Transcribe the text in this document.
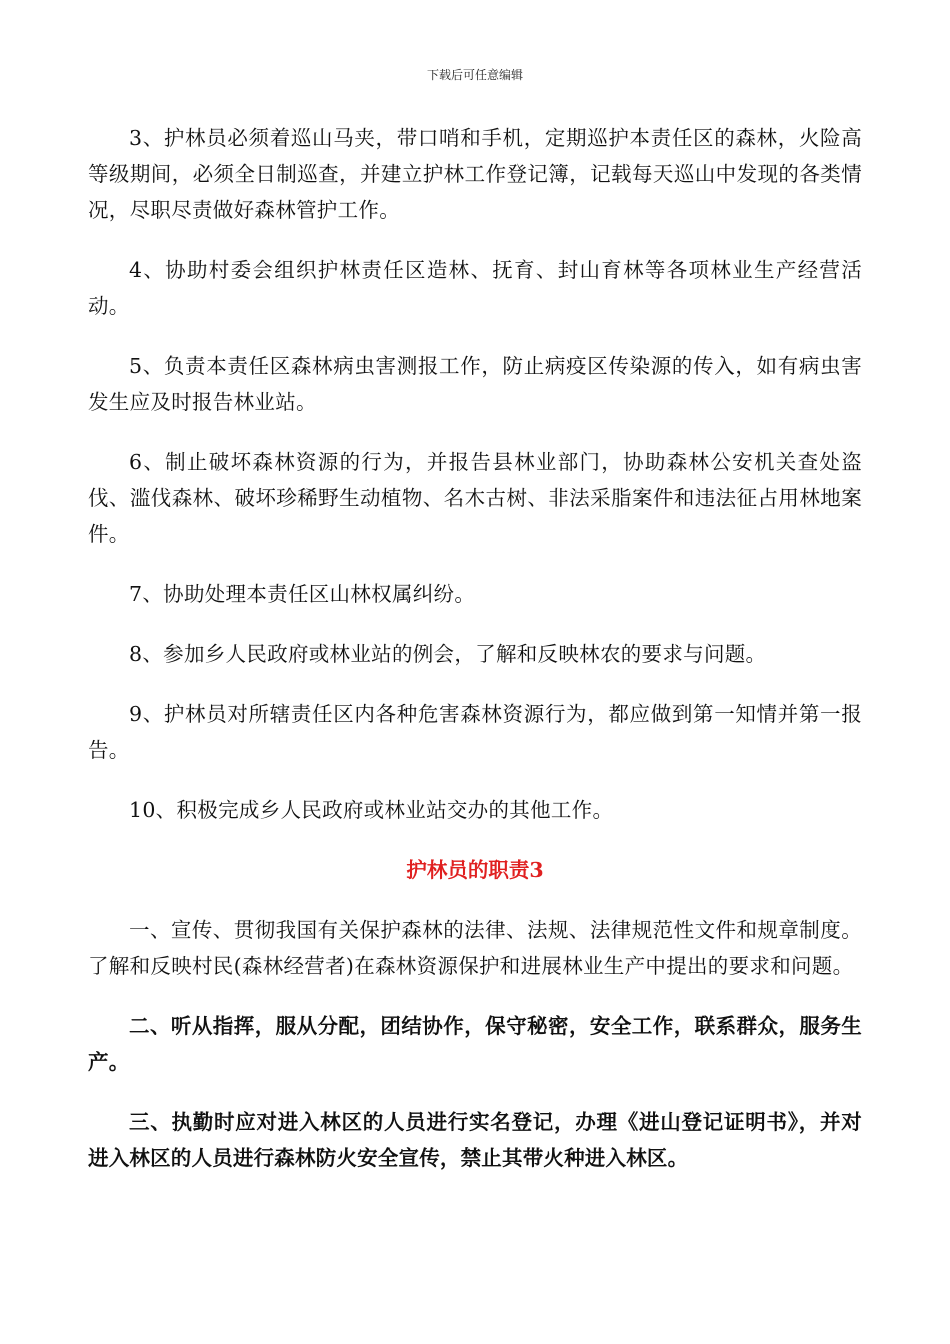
下载后可任意编辑

3、护林员必须着巡山马夹，带口哨和手机，定期巡护本责任区的森林，火险高等级期间，必须全日制巡查，并建立护林工作登记簿，记载每天巡山中发现的各类情况，尽职尽责做好森林管护工作。

4、协助村委会组织护林责任区造林、抚育、封山育林等各项林业生产经营活动。

5、负责本责任区森林病虫害测报工作，防止病疫区传染源的传入，如有病虫害发生应及时报告林业站。

6、制止破坏森林资源的行为，并报告县林业部门，协助森林公安机关查处盗伐、滥伐森林、破坏珍稀野生动植物、名木古树、非法采脂案件和违法征占用林地案件。

7、协助处理本责任区山林权属纠纷。

8、参加乡人民政府或林业站的例会，了解和反映林农的要求与问题。

9、护林员对所辖责任区内各种危害森林资源行为，都应做到第一知情并第一报告。

10、积极完成乡人民政府或林业站交办的其他工作。

护林员的职责3

一、宣传、贯彻我国有关保护森林的法律、法规、法律规范性文件和规章制度。了解和反映村民(森林经营者)在森林资源保护和进展林业生产中提出的要求和问题。

二、听从指挥，服从分配，团结协作，保守秘密，安全工作，联系群众，服务生产。

三、执勤时应对进入林区的人员进行实名登记，办理《进山登记证明书》，并对进入林区的人员进行森林防火安全宣传，禁止其带火种进入林区。
